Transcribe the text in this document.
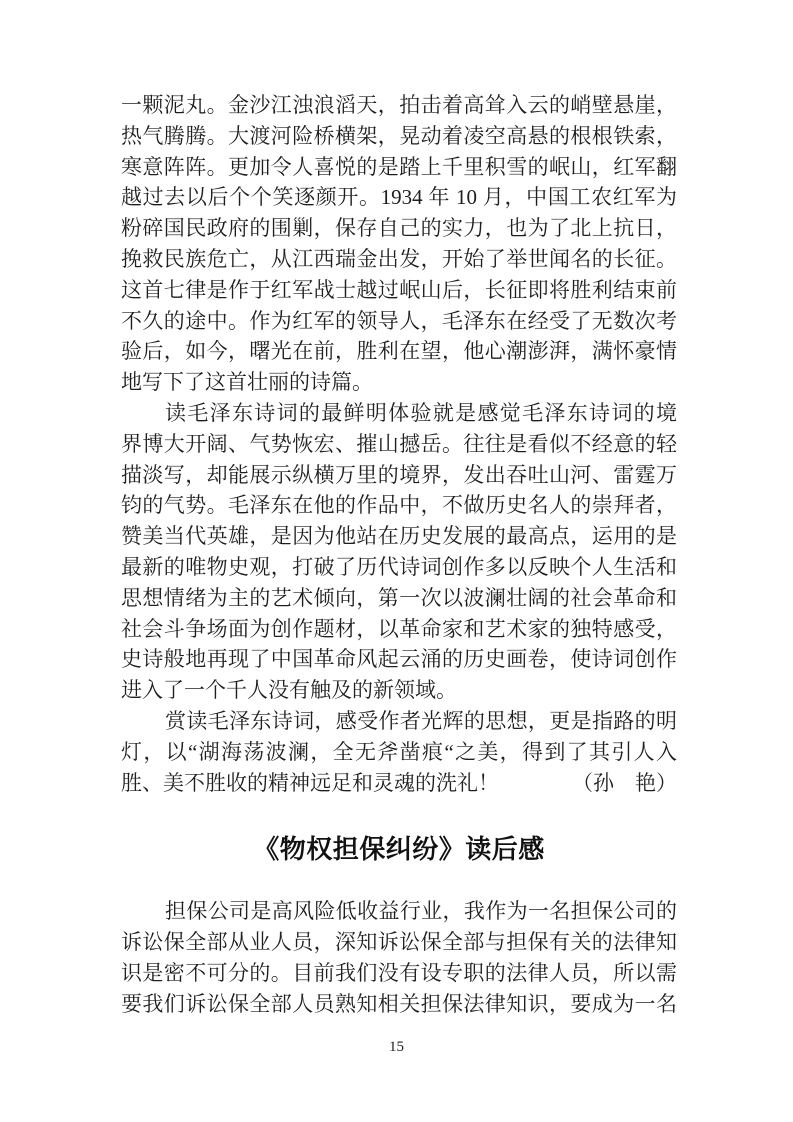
一颗泥丸。金沙江浊浪滔天，拍击着高耸入云的峭壁悬崖，
热气腾腾。大渡河险桥横架，晃动着凌空高悬的根根铁索，
寒意阵阵。更加令人喜悦的是踏上千里积雪的岷山，红军翻
越过去以后个个笑逐颜开。1934 年 10 月，中国工农红军为
粉碎国民政府的围剿，保存自己的实力，也为了北上抗日，
挽救民族危亡，从江西瑞金出发，开始了举世闻名的长征。
这首七律是作于红军战士越过岷山后，长征即将胜利结束前
不久的途中。作为红军的领导人，毛泽东在经受了无数次考
验后，如今，曙光在前，胜利在望，他心潮澎湃，满怀豪情
地写下了这首壮丽的诗篇。
读毛泽东诗词的最鲜明体验就是感觉毛泽东诗词的境
界博大开阔、气势恢宏、摧山撼岳。往往是看似不经意的轻
描淡写，却能展示纵横万里的境界，发出吞吐山河、雷霆万
钧的气势。毛泽东在他的作品中，不做历史名人的崇拜者，
赞美当代英雄，是因为他站在历史发展的最高点，运用的是
最新的唯物史观，打破了历代诗词创作多以反映个人生活和
思想情绪为主的艺术倾向，第一次以波澜壮阔的社会革命和
社会斗争场面为创作题材，以革命家和艺术家的独特感受，
史诗般地再现了中国革命风起云涌的历史画卷，使诗词创作
进入了一个千人没有触及的新领域。
赏读毛泽东诗词，感受作者光辉的思想，更是指路的明
灯，以“湖海荡波澜，全无斧凿痕“之美，得到了其引人入
胜、美不胜收的精神远足和灵魂的洗礼！	（孙　艳）
《物权担保纠纷》读后感
担保公司是高风险低收益行业，我作为一名担保公司的
诉讼保全部从业人员，深知诉讼保全部与担保有关的法律知
识是密不可分的。目前我们没有设专职的法律人员，所以需
要我们诉讼保全部人员熟知相关担保法律知识，要成为一名
15
